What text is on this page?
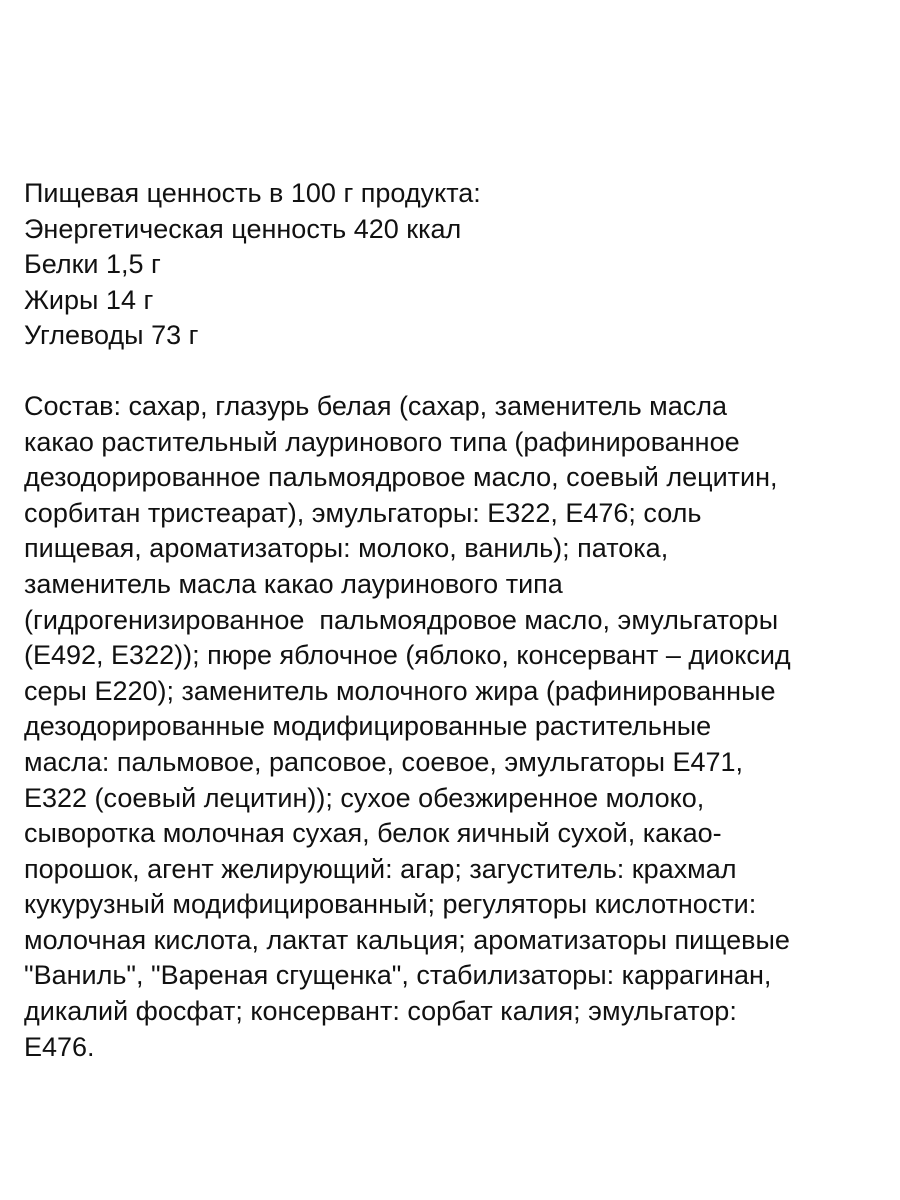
Пищевая ценность в 100 г продукта:
Энергетическая ценность 420 ккал
Белки 1,5 г
Жиры 14 г
Углеводы 73 г
Состав: сахар, глазурь белая (сахар, заменитель масла
какао растительный лауринового типа (рафинированное
дезодорированное пальмоядровое масло, соевый лецитин,
сорбитан тристеарат), эмульгаторы: Е322, Е476; соль
пищевая, ароматизаторы: молоко, ваниль); патока,
заменитель масла какао лауринового типа
(гидрогенизированное  пальмоядровое масло, эмульгаторы
(Е492, Е322)); пюре яблочное (яблоко, консервант – диоксид
серы Е220); заменитель молочного жира (рафинированные
дезодорированные модифицированные растительные
масла: пальмовое, рапсовое, соевое, эмульгаторы Е471,
Е322 (соевый лецитин)); сухое обезжиренное молоко,
сыворотка молочная сухая, белок яичный сухой, какао-
порошок, агент желирующий: агар; загуститель: крахмал
кукурузный модифицированный; регуляторы кислотности:
молочная кислота, лактат кальция; ароматизаторы пищевые
"Ваниль", "Вареная сгущенка", стабилизаторы: каррагинан,
дикалий фосфат; консервант: сорбат калия; эмульгатор:
Е476.
